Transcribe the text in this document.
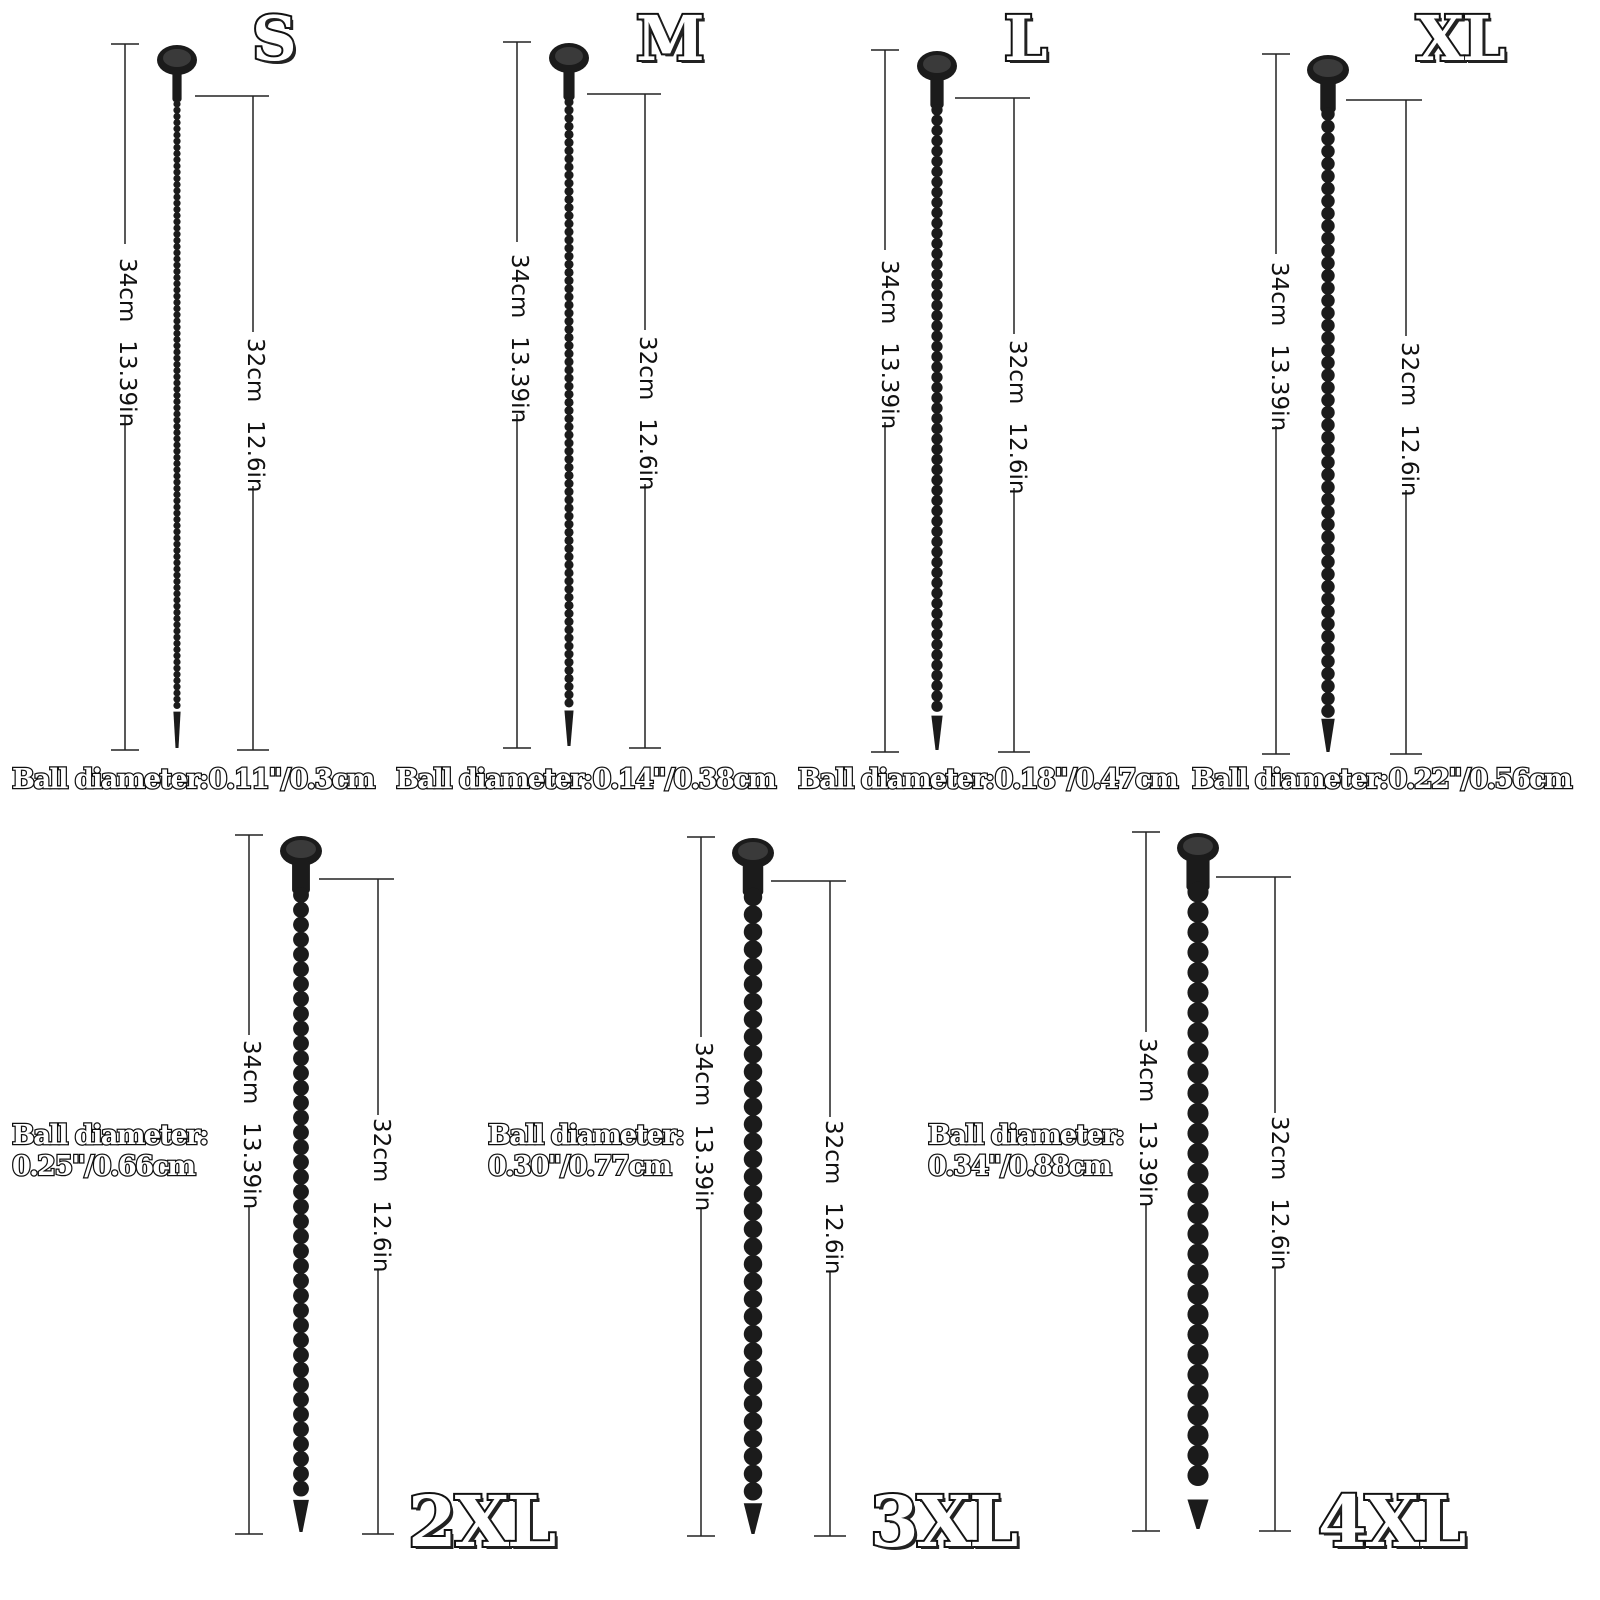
S	M	L	XL
2XL	3XL	4XL
Ball diameter: 0.11"/0.3cm Ball diameter: 0.14"/0.38cm Ball diameter: 0.18"/0.47cm Ball diameter: 0.22"/0.56cm
Ball diameter:
0.25"/0.66cm
Ball diameter:
0.30"/0.77cm
Ball diameter:
0.34"/0.88cm
34cm13.39in	32cm12.6in
34cm13.39in	32cm12.6in
34cm13.39in	32cm12.6in
34cm13.39in	32cm12.6in
34cm13.39in	32cm12.6in
34cm13.39in	32cm12.6in
34cm13.39in	32cm12.6in
